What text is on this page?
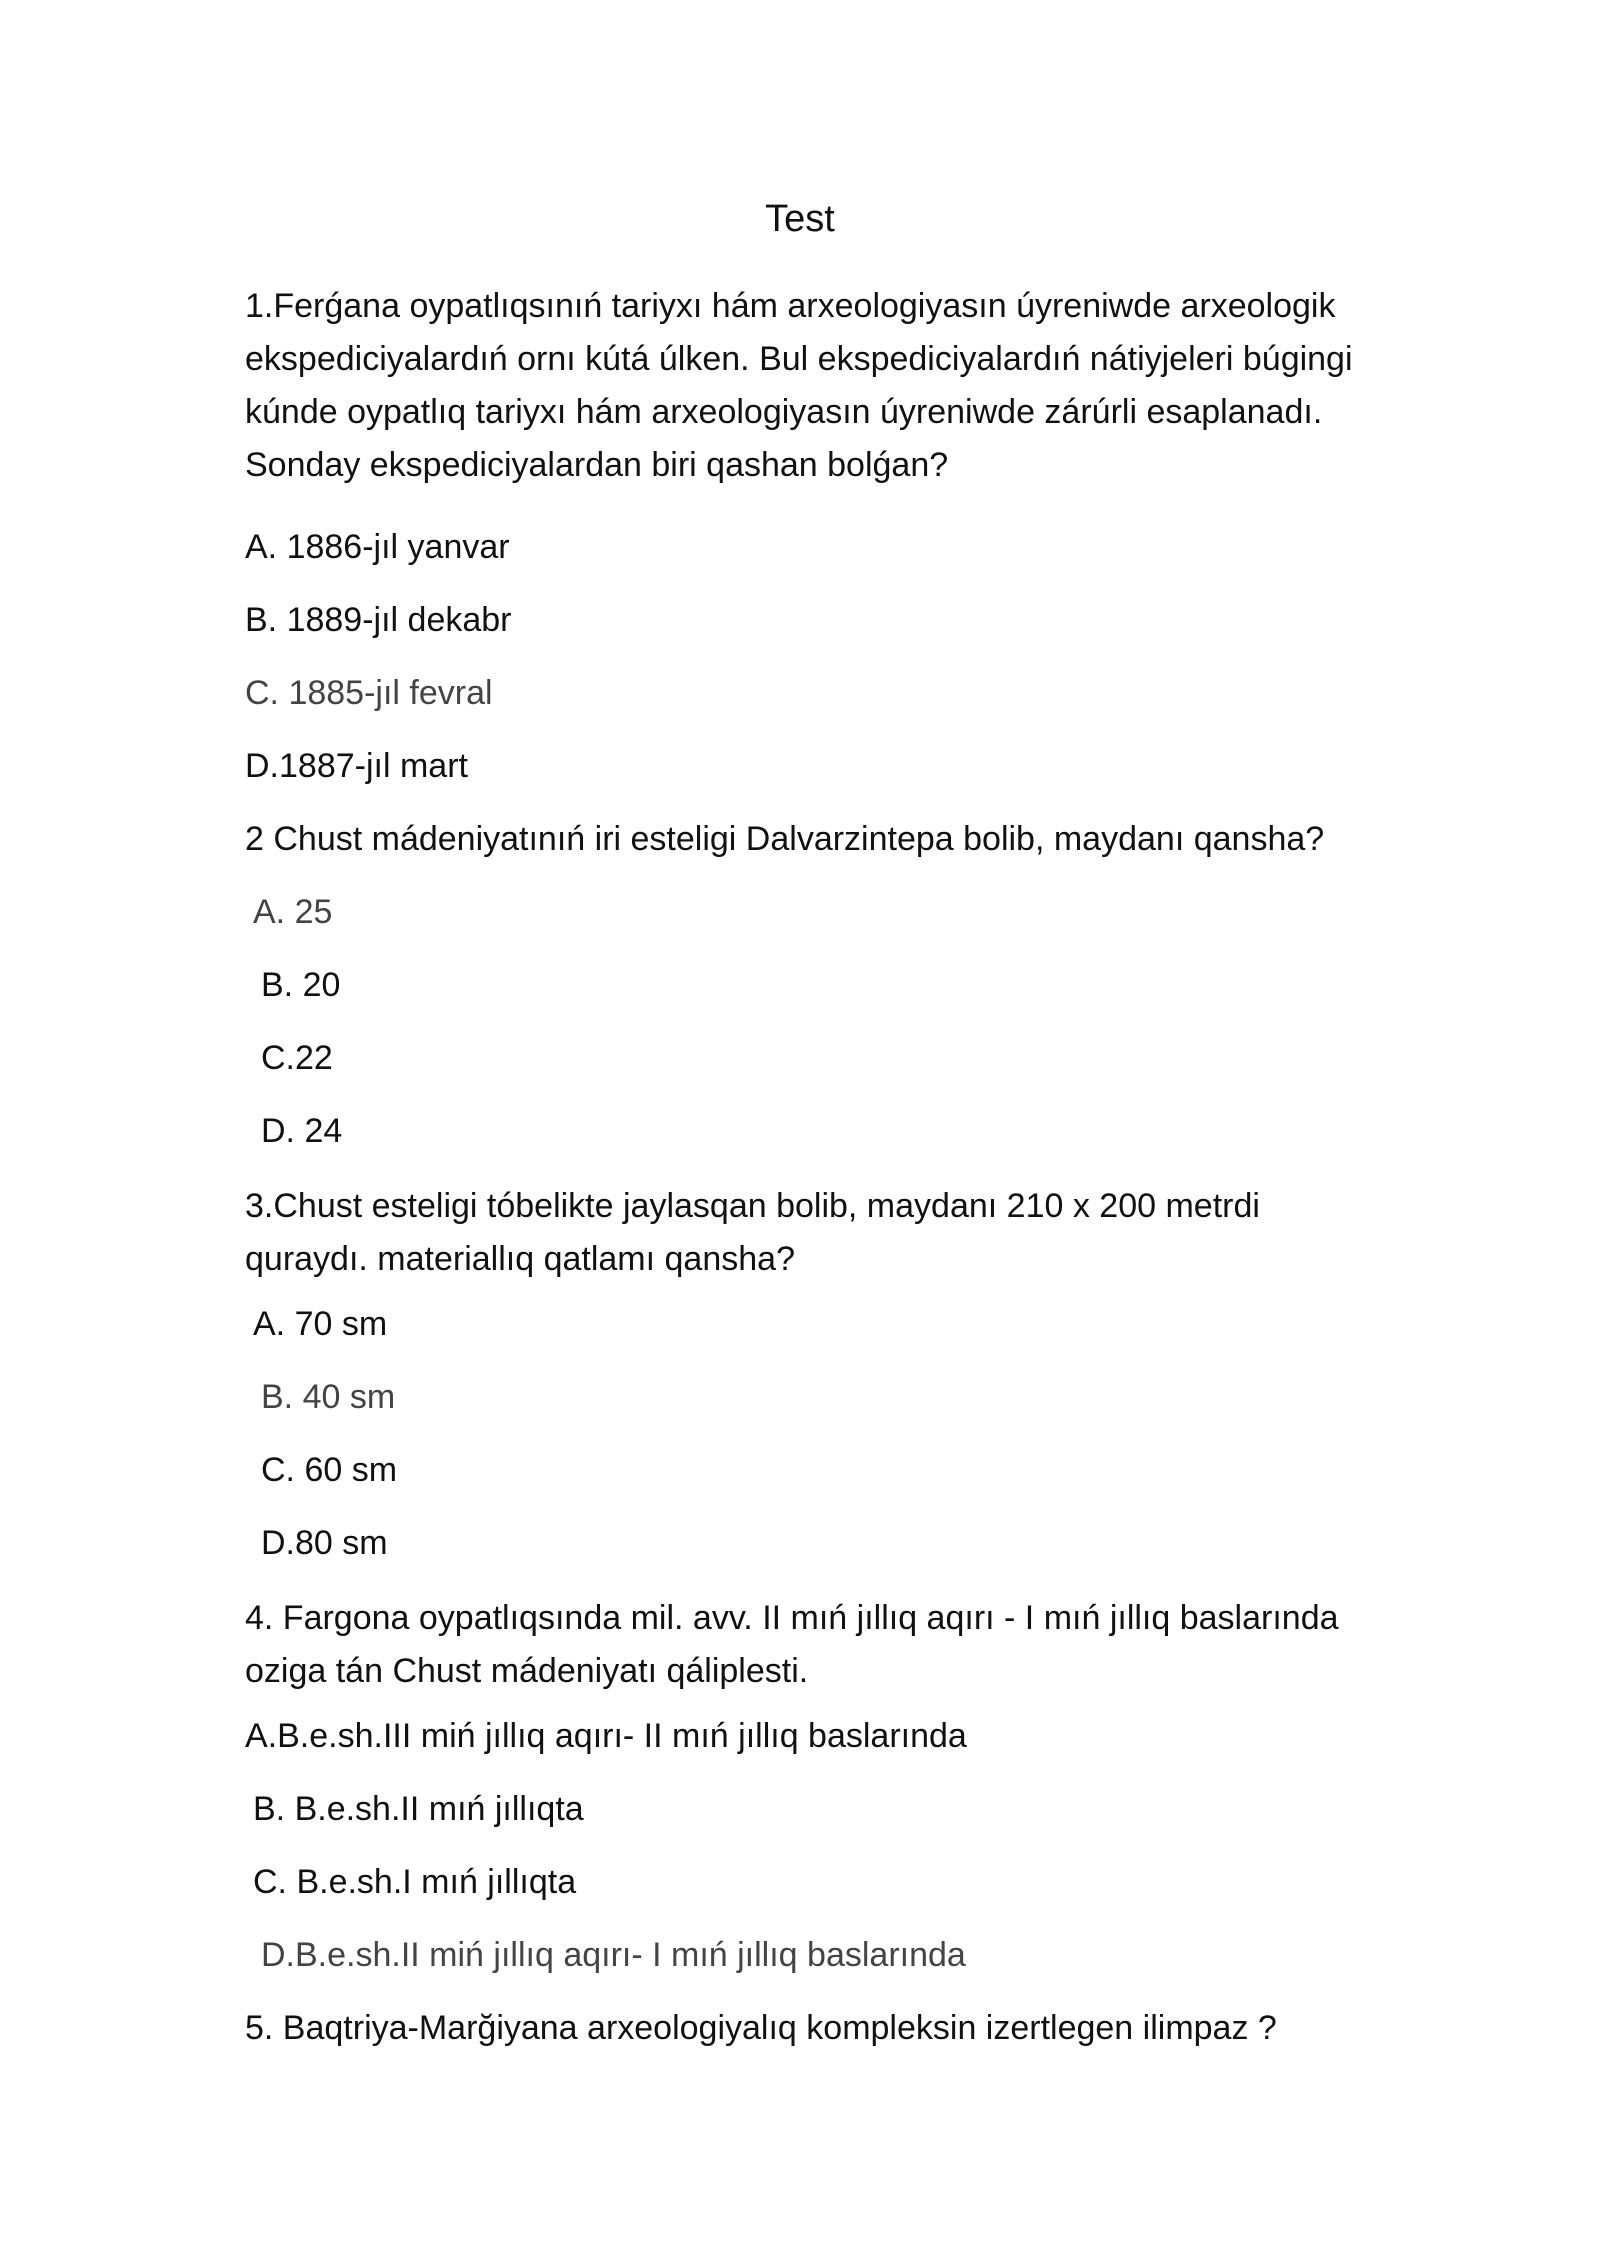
Test
1.Ferǵana oypatlıqsınıń tariyxı hám arxeologiyasın úyreniwde arxeologik ekspediciyalardıń ornı kútá úlken. Bul ekspediciyalardıń nátiyjeleri búgingi kúnde oypatlıq tariyxı hám arxeologiyasın úyreniwde zárúrli esaplanadı. Sonday ekspediciyalardan biri qashan bolǵan?
A. 1886-jıl yanvar
B. 1889-jıl dekabr
C. 1885-jıl fevral
D.1887-jıl mart
2 Chust mádeniyatınıń iri esteligi Dalvarzintepa bolib, maydanı qansha?
A. 25
B. 20
C.22
D. 24
3.Chust esteligi tóbelikte jaylasqan bolib, maydanı 210 x 200 metrdi quraydı. materiallıq qatlamı qansha?
A. 70 sm
B. 40 sm
C. 60 sm
D.80 sm
4. Fargona oypatlıqsında mil. avv. II mıń jıllıq aqırı - I mıń jıllıq baslarında oziga tán Chust mádeniyatı qáliplesti.
A.B.e.sh.III miń jıllıq aqırı- II mıń jıllıq baslarında
B. B.e.sh.II mıń jıllıqta
C. B.e.sh.I mıń jıllıqta
D.B.e.sh.II miń jıllıq aqırı- I mıń jıllıq baslarında
5. Baqtriya-Marğiyana arxeologiyalıq kompleksin izertlegen ilimpaz ?
